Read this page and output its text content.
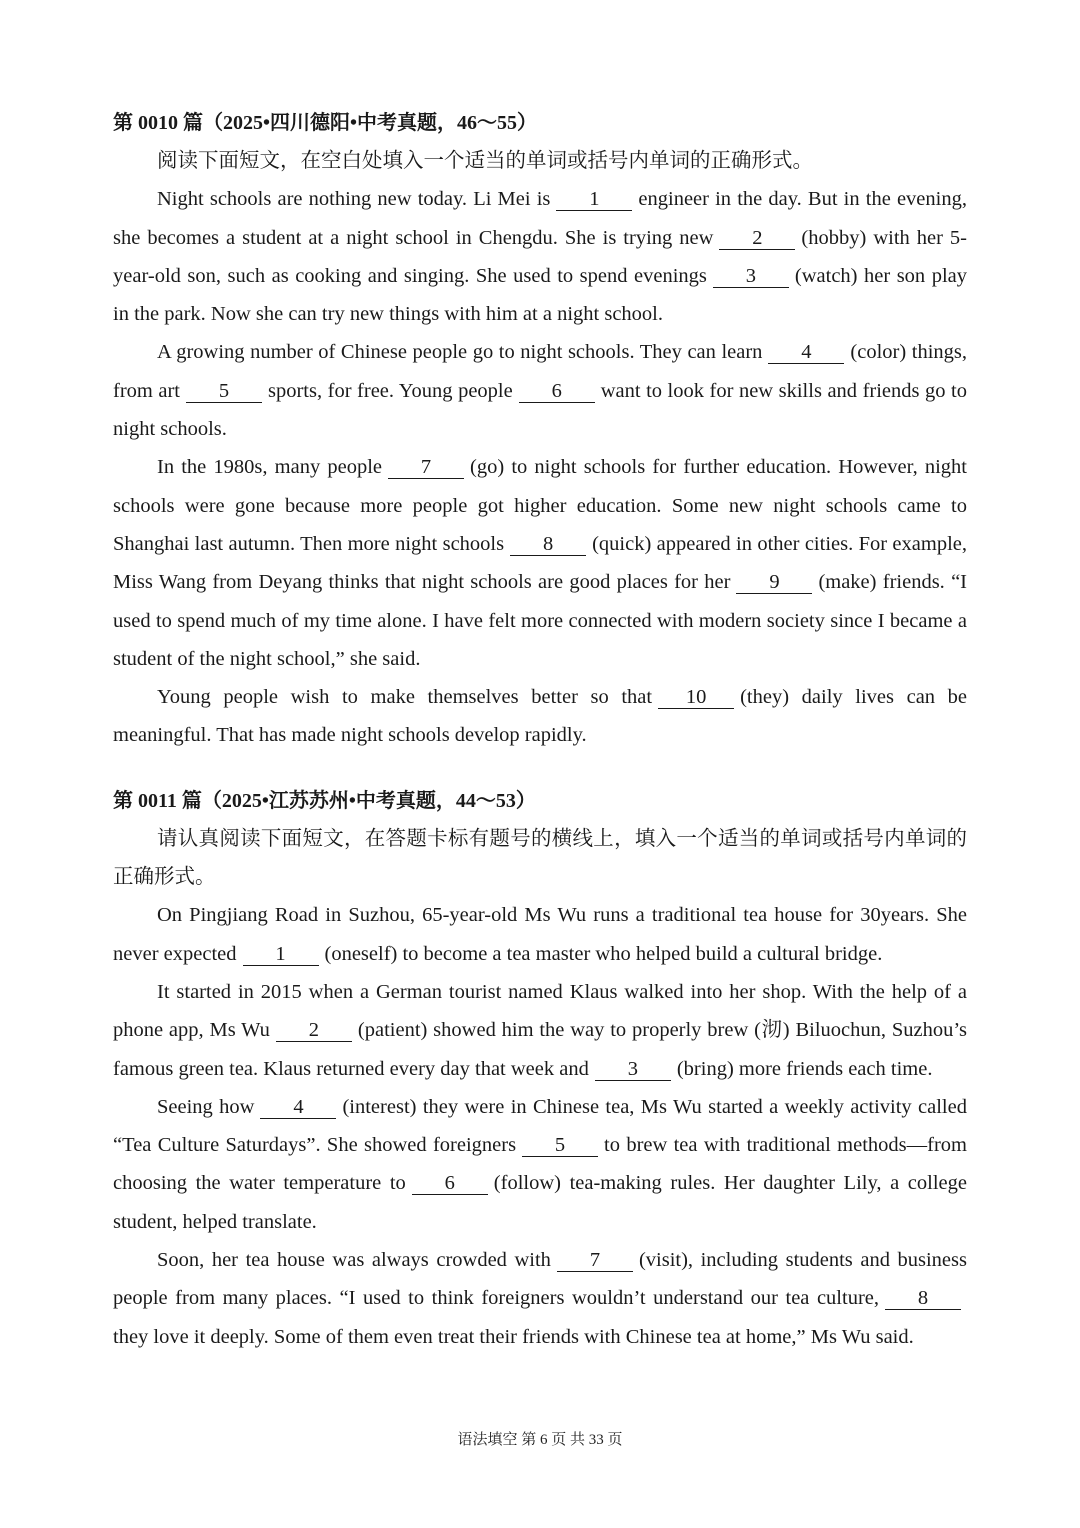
第 0010 篇（2025•四川德阳•中考真题，46～55）

阅读下面短文，在空白处填入一个适当的单词或括号内单词的正确形式。

Night schools are nothing new today. Li Mei is 1 engineer in the day. But in the evening, she becomes a student at a night school in Chengdu. She is trying new 2 (hobby) with her 5-year-old son, such as cooking and singing. She used to spend evenings 3 (watch) her son play in the park. Now she can try new things with him at a night school.

A growing number of Chinese people go to night schools. They can learn 4 (color) things, from art 5 sports, for free. Young people 6 want to look for new skills and friends go to night schools.

In the 1980s, many people 7 (go) to night schools for further education. However, night schools were gone because more people got higher education. Some new night schools came to Shanghai last autumn. Then more night schools 8 (quick) appeared in other cities. For example, Miss Wang from Deyang thinks that night schools are good places for her 9 (make) friends. “I used to spend much of my time alone. I have felt more connected with modern society since I became a student of the night school,” she said.

Young people wish to make themselves better so that 10 (they) daily lives can be meaningful. That has made night schools develop rapidly.

第 0011 篇（2025•江苏苏州•中考真题，44～53）

请认真阅读下面短文，在答题卡标有题号的横线上，填入一个适当的单词或括号内单词的正确形式。

On Pingjiang Road in Suzhou, 65-year-old Ms Wu runs a traditional tea house for 30years. She never expected 1 (oneself) to become a tea master who helped build a cultural bridge.

It started in 2015 when a German tourist named Klaus walked into her shop. With the help of a phone app, Ms Wu 2 (patient) showed him the way to properly brew (沏) Biluochun, Suzhou’s famous green tea. Klaus returned every day that week and 3 (bring) more friends each time.

Seeing how 4 (interest) they were in Chinese tea, Ms Wu started a weekly activity called “Tea Culture Saturdays”. She showed foreigners 5 to brew tea with traditional methods—from choosing the water temperature to 6 (follow) tea-making rules. Her daughter Lily, a college student, helped translate.

Soon, her tea house was always crowded with 7 (visit), including students and business people from many places. “I used to think foreigners wouldn’t understand our tea culture, 8they love it deeply. Some of them even treat their friends with Chinese tea at home,” Ms Wu said.

语法填空 第 6 页 共 33 页
